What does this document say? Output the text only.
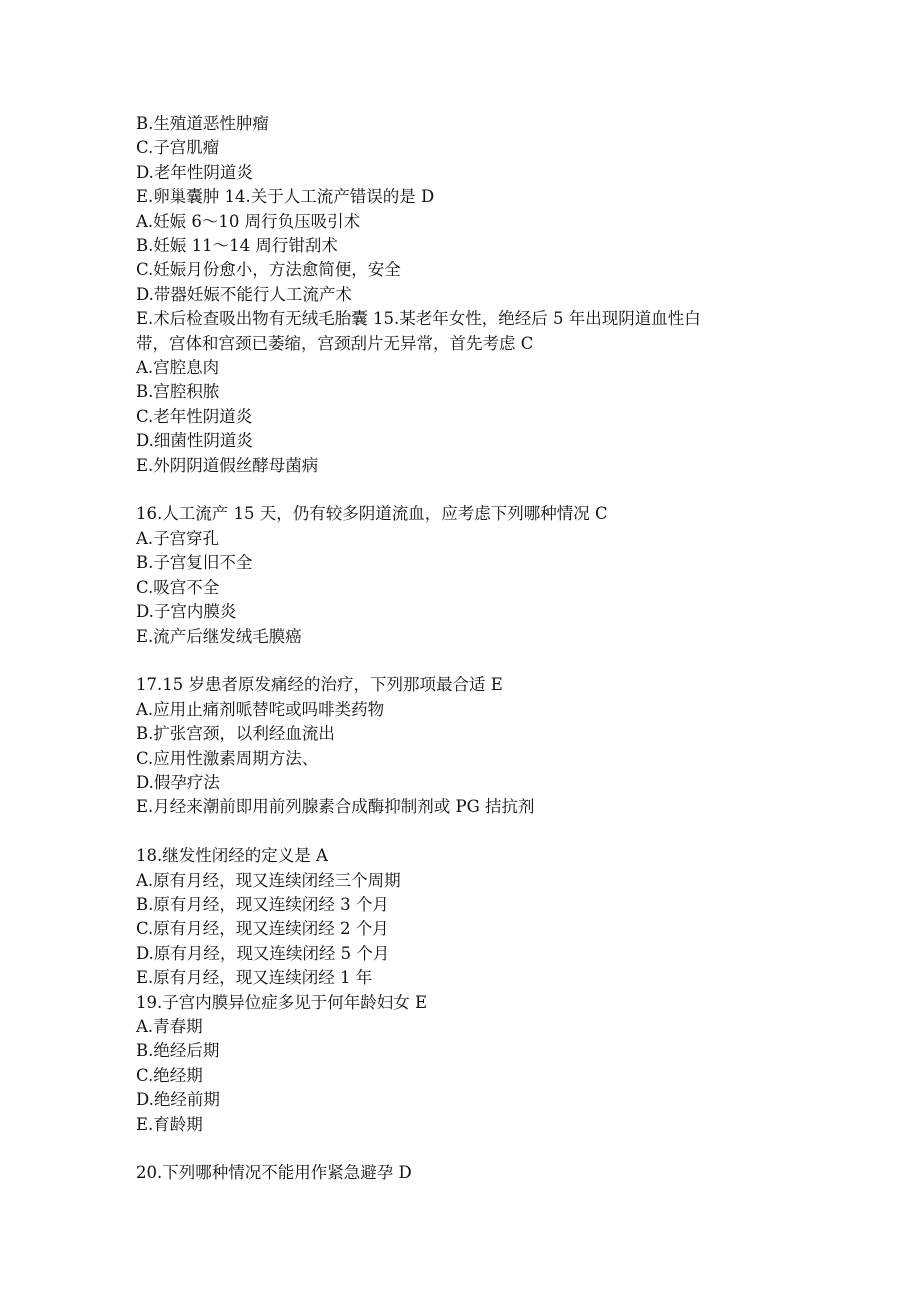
B.生殖道恶性肿瘤
C.子宫肌瘤
D.老年性阴道炎
E.卵巢囊肿 14.关于人工流产错误的是 D
A.妊娠 6～10 周行负压吸引术
B.妊娠 11～14 周行钳刮术
C.妊娠月份愈小，方法愈简便，安全
D.带器妊娠不能行人工流产术
E.术后检查吸出物有无绒毛胎囊 15.某老年女性，绝经后 5 年出现阴道血性白
带，宫体和宫颈已萎缩，宫颈刮片无异常，首先考虑 C
A.宫腔息肉
B.宫腔积脓
C.老年性阴道炎
D.细菌性阴道炎
E.外阴阴道假丝酵母菌病
16.人工流产 15 天，仍有较多阴道流血，应考虑下列哪种情况 C
A.子宫穿孔
B.子宫复旧不全
C.吸宫不全
D.子宫内膜炎
E.流产后继发绒毛膜癌
17.15 岁患者原发痛经的治疗，下列那项最合适 E
A.应用止痛剂哌替咤或吗啡类药物
B.扩张宫颈，以利经血流出
C.应用性激素周期方法、
D.假孕疗法
E.月经来潮前即用前列腺素合成酶抑制剂或 PG 拮抗剂
18.继发性闭经的定义是 A
A.原有月经，现又连续闭经三个周期
B.原有月经，现又连续闭经 3 个月
C.原有月经，现又连续闭经 2 个月
D.原有月经，现又连续闭经 5 个月
E.原有月经，现又连续闭经 1 年
19.子宫内膜异位症多见于何年龄妇女 E
A.青春期
B.绝经后期
C.绝经期
D.绝经前期
E.育龄期
20.下列哪种情况不能用作紧急避孕 D
